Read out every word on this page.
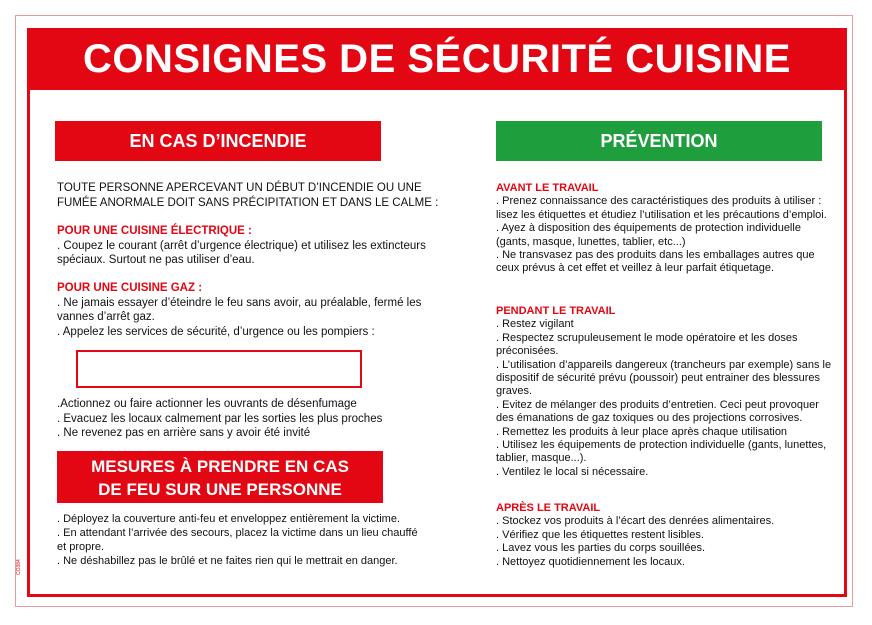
CONSIGNES DE SÉCURITÉ CUISINE
EN CAS D’INCENDIE

TOUTE PERSONNE APERCEVANT UN DÉBUT D’INCENDIE OU UNE FUMÉE ANORMALE DOIT SANS PRÉCIPITATION ET DANS LE CALME :

POUR UNE CUISINE ÉLECTRIQUE :

. Coupez le courant (arrêt d’urgence électrique) et utilisez les extincteurs spéciaux. Surtout ne pas utiliser d’eau.

POUR UNE CUISINE GAZ :

. Ne jamais essayer d’éteindre le feu sans avoir, au préalable, fermé les vannes d’arrêt gaz.

. Appelez les services de sécurité, d’urgence ou les pompiers :

.Actionnez ou faire actionner les ouvrants de désenfumage

. Evacuez les locaux calmement par les sorties les plus proches

. Ne revenez pas en arrière sans y avoir été invité

MESURES À PRENDRE EN CAS
DE FEU SUR UNE PERSONNE

. Déployez la couverture anti-feu et enveloppez entièrement la victime.

. En attendant l’arrivée des secours, placez la victime dans un lieu chauffé et propre.

. Ne déshabillez pas le brûlé et ne faites rien qui le mettrait en danger.

PRÉVENTION

AVANT LE TRAVAIL

. Prenez connaissance des caractéristiques des produits à utiliser : lisez les étiquettes et étudiez l’utilisation et les précautions d’emploi.

. Ayez à disposition des équipements de protection individuelle (gants, masque, lunettes, tablier, etc...)

. Ne transvasez pas des produits dans les emballages autres que ceux prévus à cet effet et veillez à leur parfait étiquetage.

PENDANT LE TRAVAIL

. Restez vigilant

. Respectez scrupuleusement le mode opératoire et les doses préconisées.

. L’utilisation d’appareils dangereux (trancheurs par exemple) sans le dispositif de sécurité prévu (poussoir) peut entrainer des blessures graves.

. Evitez de mélanger des produits d’entretien. Ceci peut provoquer des émanations de gaz toxiques ou des projections corrosives.

. Remettez les produits à leur place après chaque utilisation

. Utilisez les équipements de protection individuelle (gants, lunettes, tablier, masque...).

. Ventilez le local si nécessaire.

APRÈS LE TRAVAIL

. Stockez vos produits à l’écart des denrées alimentaires.

. Vérifiez que les étiquettes restent lisibles.

. Lavez vous les parties du corps souillées.

. Nettoyez quotidiennement les locaux.

CO384
